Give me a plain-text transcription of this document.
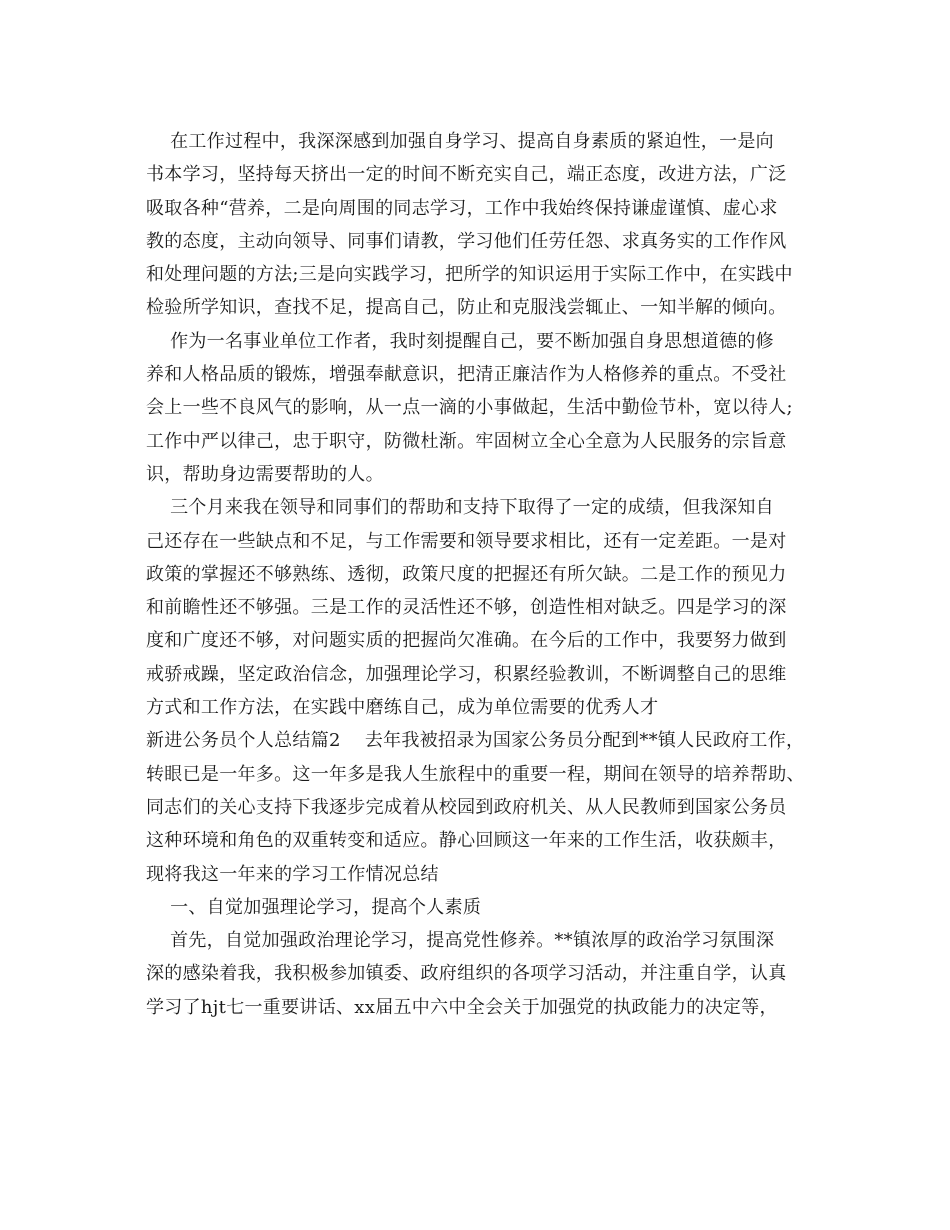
在工作过程中，我深深感到加强自身学习、提高自身素质的紧迫性，一是向
书本学习，坚持每天挤出一定的时间不断充实自己，端正态度，改进方法，广泛
吸取各种“营养，二是向周围的同志学习，工作中我始终保持谦虚谨慎、虚心求
教的态度，主动向领导、同事们请教，学习他们任劳任怨、求真务实的工作作风
和处理问题的方法;三是向实践学习，把所学的知识运用于实际工作中，在实践中
检验所学知识，查找不足，提高自己，防止和克服浅尝辄止、一知半解的倾向。
作为一名事业单位工作者，我时刻提醒自己，要不断加强自身思想道德的修
养和人格品质的锻炼，增强奉献意识，把清正廉洁作为人格修养的重点。不受社
会上一些不良风气的影响，从一点一滴的小事做起，生活中勤俭节朴，宽以待人;
工作中严以律己，忠于职守，防微杜渐。牢固树立全心全意为人民服务的宗旨意
识，帮助身边需要帮助的人。
三个月来我在领导和同事们的帮助和支持下取得了一定的成绩，但我深知自
己还存在一些缺点和不足，与工作需要和领导要求相比，还有一定差距。一是对
政策的掌握还不够熟练、透彻，政策尺度的把握还有所欠缺。二是工作的预见力
和前瞻性还不够强。三是工作的灵活性还不够，创造性相对缺乏。四是学习的深
度和广度还不够，对问题实质的把握尚欠准确。在今后的工作中，我要努力做到
戒骄戒躁，坚定政治信念，加强理论学习，积累经验教训，不断调整自己的思维
方式和工作方法，在实践中磨练自己，成为单位需要的优秀人才
新进公务员个人总结篇2    去年我被招录为国家公务员分配到**镇人民政府工作，
转眼已是一年多。这一年多是我人生旅程中的重要一程，期间在领导的培养帮助、
同志们的关心支持下我逐步完成着从校园到政府机关、从人民教师到国家公务员
这种环境和角色的双重转变和适应。静心回顾这一年来的工作生活，收获颇丰，
现将我这一年来的学习工作情况总结
一、自觉加强理论学习，提高个人素质
首先，自觉加强政治理论学习，提高党性修养。**镇浓厚的政治学习氛围深
深的感染着我，我积极参加镇委、政府组织的各项学习活动，并注重自学，认真
学习了hjt七一重要讲话、xx届五中六中全会关于加强党的执政能力的决定等，
